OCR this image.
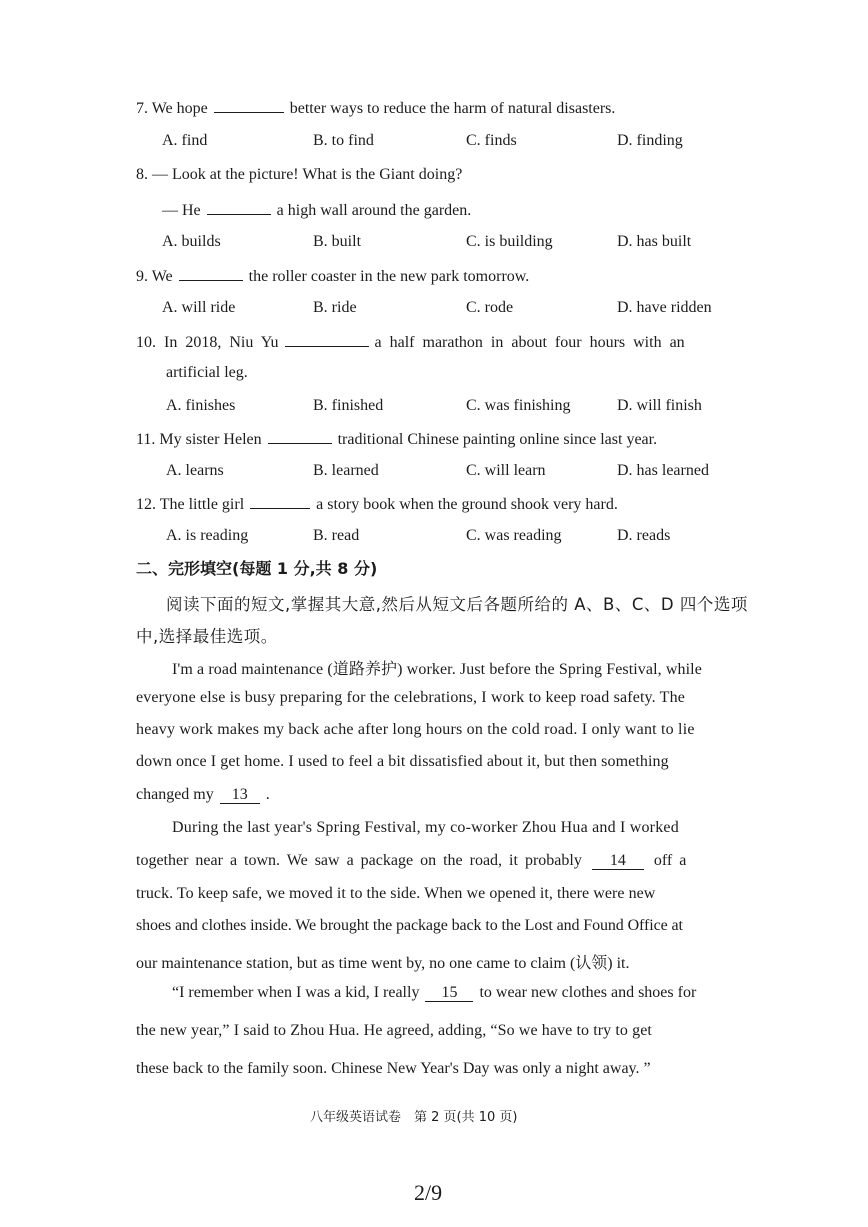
7. We hope	better ways to reduce the harm of natural disasters.
A. find	B. to find	C. finds	D. finding
8. — Look at the picture! What is the Giant doing?
— He	a high wall around the garden.
A. builds	B. built	C. is building	D. has built
9. We	the roller coaster in the new park tomorrow.
A. will ride	B. ride	C. rode	D. have ridden
10. In 2018, Niu Yu	a half marathon in about four hours with an
artificial leg.
A. finishes	B. finished	C. was finishing	D. will finish
11. My sister Helen	traditional Chinese painting online since last year.
A. learns	B. learned	C. will learn	D. has learned
12. The little girl	a story book when the ground shook very hard.
A. is reading	B. read	C. was reading	D. reads
二、完形填空(每题 1 分,共 8 分)
阅读下面的短文,掌握其大意,然后从短文后各题所给的 A、B、C、D 四个选项
中,选择最佳选项。
I'm a road maintenance (道路养护) worker. Just before the Spring Festival, while
everyone else is busy preparing for the celebrations, I work to keep road safety. The
heavy work makes my back ache after long hours on the cold road. I only want to lie
down once I get home. I used to feel a bit dissatisfied about it, but then something
changed my 13 .
During the last year's Spring Festival, my co-worker Zhou Hua and I worked
together near a town. We saw a package on the road, it probably 14 off a
truck. To keep safe, we moved it to the side. When we opened it, there were new
shoes and clothes inside. We brought the package back to the Lost and Found Office at
our maintenance station, but as time went by, no one came to claim (认领) it.
“I remember when I was a kid, I really 15 to wear new clothes and shoes for
the new year,” I said to Zhou Hua. He agreed, adding, “So we have to try to get
these back to the family soon. Chinese New Year's Day was only a night away. ”
八年级英语试卷　第 2 页(共 10 页)
2/9
